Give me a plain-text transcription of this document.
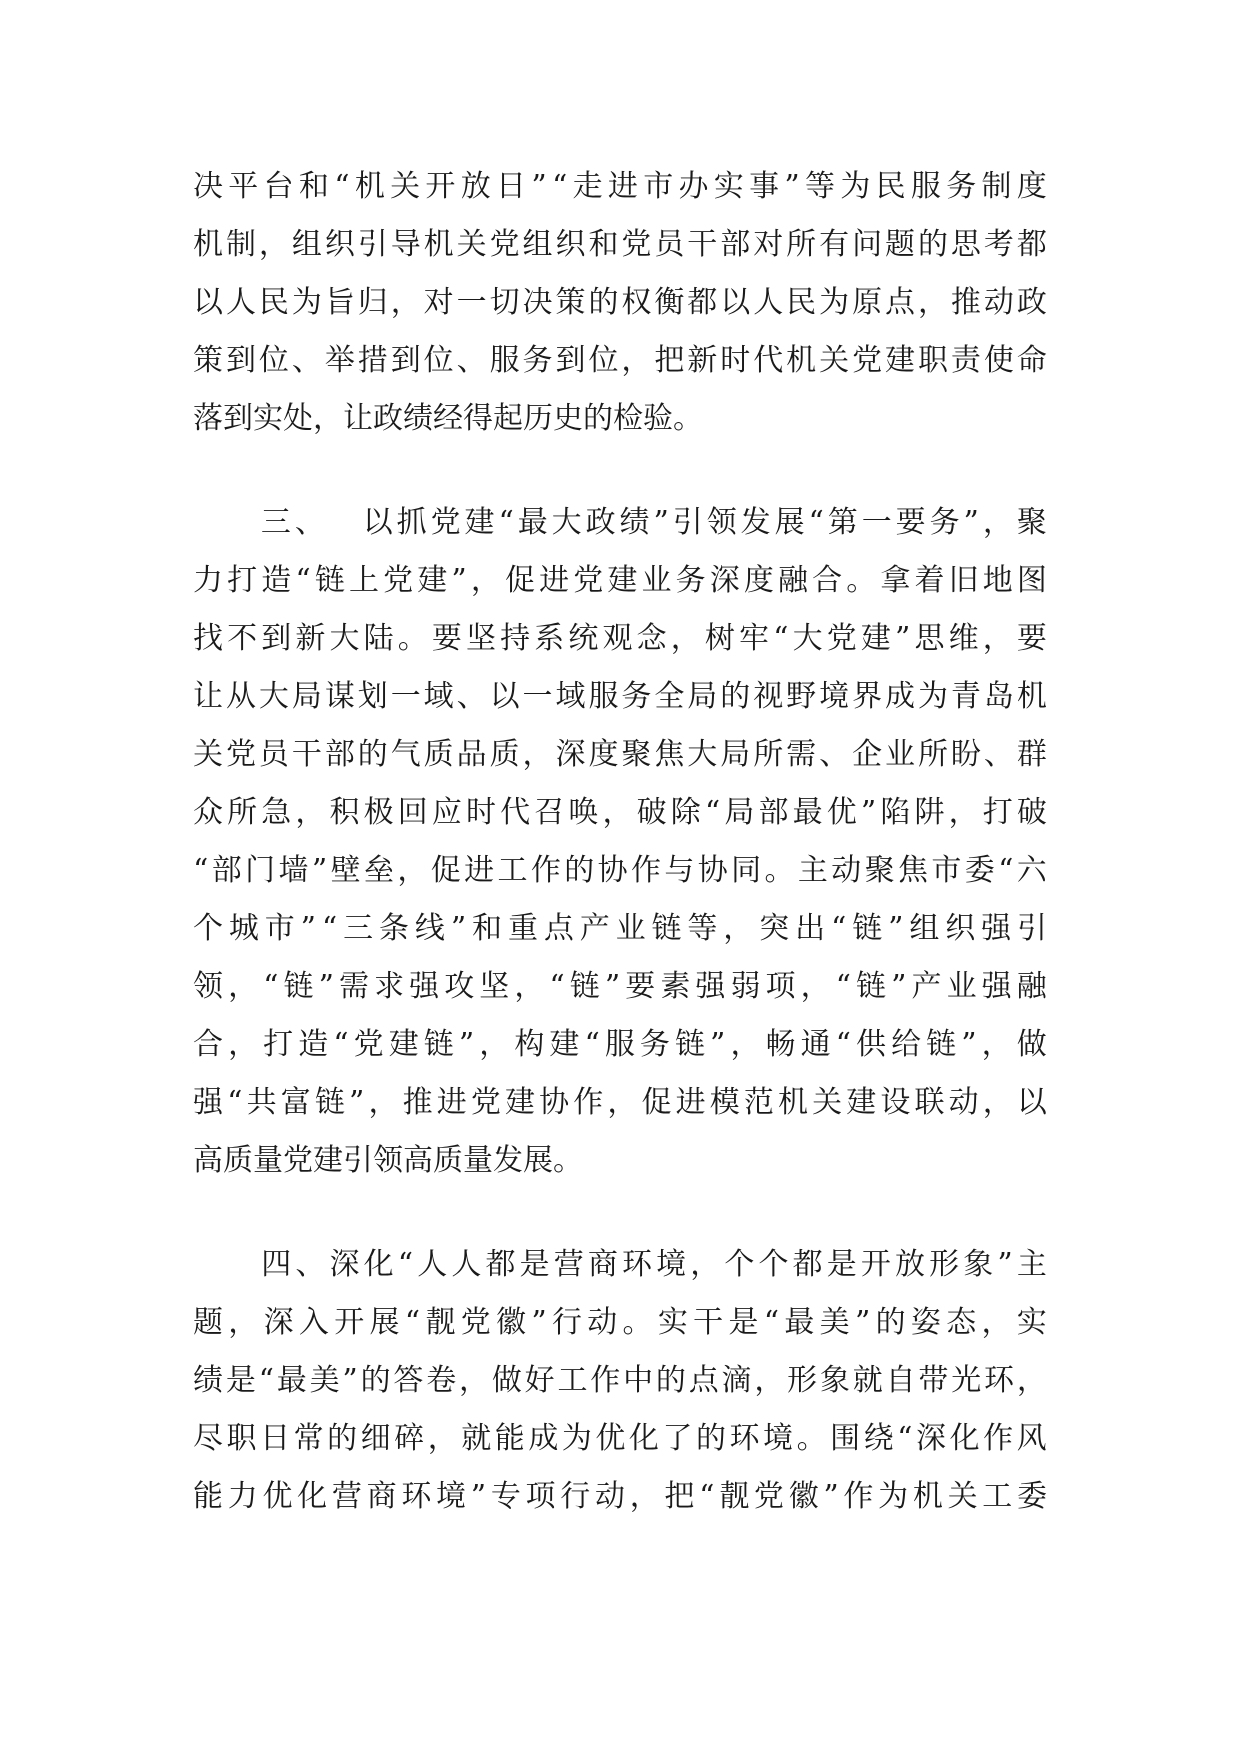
决 平 台 和 “ 机 关 开 放 日 ” “ 走 进 市 办 实 事 ” 等 为 民 服 务 制 度
机 制 ， 组 织 引 导 机 关 党 组 织 和 党 员 干 部 对 所 有 问 题 的 思 考 都
以 人 民 为 旨 归 ， 对 一 切 决 策 的 权 衡 都 以 人 民 为 原 点 ， 推 动 政
策 到 位 、 举 措 到 位 、 服 务 到 位 ， 把 新 时 代 机 关 党 建 职 责 使 命
落到实处，让政绩经得起历史的检验。

三 、
　 以 抓 党 建 “ 最 大 政 绩 ” 引 领 发 展 “ 第 一 要 务 ” ， 聚
力 打 造 “ 链 上 党 建 ” ， 促 进 党 建 业 务 深 度 融 合 。 拿 着 旧 地 图
找 不 到 新 大 陆 。 要 坚 持 系 统 观 念 ， 树 牢 “ 大 党 建 ” 思 维 ， 要
让 从 大 局 谋 划 一 域 、 以 一 域 服 务 全 局 的 视 野 境 界 成 为 青 岛 机
关 党 员 干 部 的 气 质 品 质 ， 深 度 聚 焦 大 局 所 需 、 企 业 所 盼 、 群
众 所 急 ， 积 极 回 应 时 代 召 唤 ， 破 除 “ 局 部 最 优 ” 陷 阱 ， 打 破
“ 部 门 墙 ” 壁 垒 ， 促 进 工 作 的 协 作 与 协 同 。 主 动 聚 焦 市 委 “ 六
个 城 市 ” “ 三 条 线 ” 和 重 点 产 业 链 等 ， 突 出 “ 链 ” 组 织 强 引
领 ， “ 链 ” 需 求 强 攻 坚 ， “ 链 ” 要 素 强 弱 项 ， “ 链 ” 产 业 强 融
合 ， 打 造 “ 党 建 链 ” ， 构 建 “ 服 务 链 ” ， 畅 通 “ 供 给 链 ” ， 做
强 “ 共 富 链 ” ， 推 进 党 建 协 作 ， 促 进 模 范 机 关 建 设 联 动 ， 以
高质量党建引领高质量发展。

四 、 深 化 “ 人 人 都 是 营 商 环 境 ， 个 个 都 是 开 放 形 象 ” 主
题 ， 深 入 开 展 “ 靓 党 徽 ” 行 动 。 实 干 是 “ 最 美 ” 的 姿 态 ， 实
绩 是 “ 最 美 ” 的 答 卷 ， 做 好 工 作 中 的 点 滴 ， 形 象 就 自 带 光 环 ，
尽 职 日 常 的 细 碎 ， 就 能 成 为 优 化 了 的 环 境 。 围 绕 “ 深 化 作 风
能 力 优 化 营 商 环 境 ” 专 项 行 动 ， 把 “ 靓 党 徽 ” 作 为 机 关 工 委
